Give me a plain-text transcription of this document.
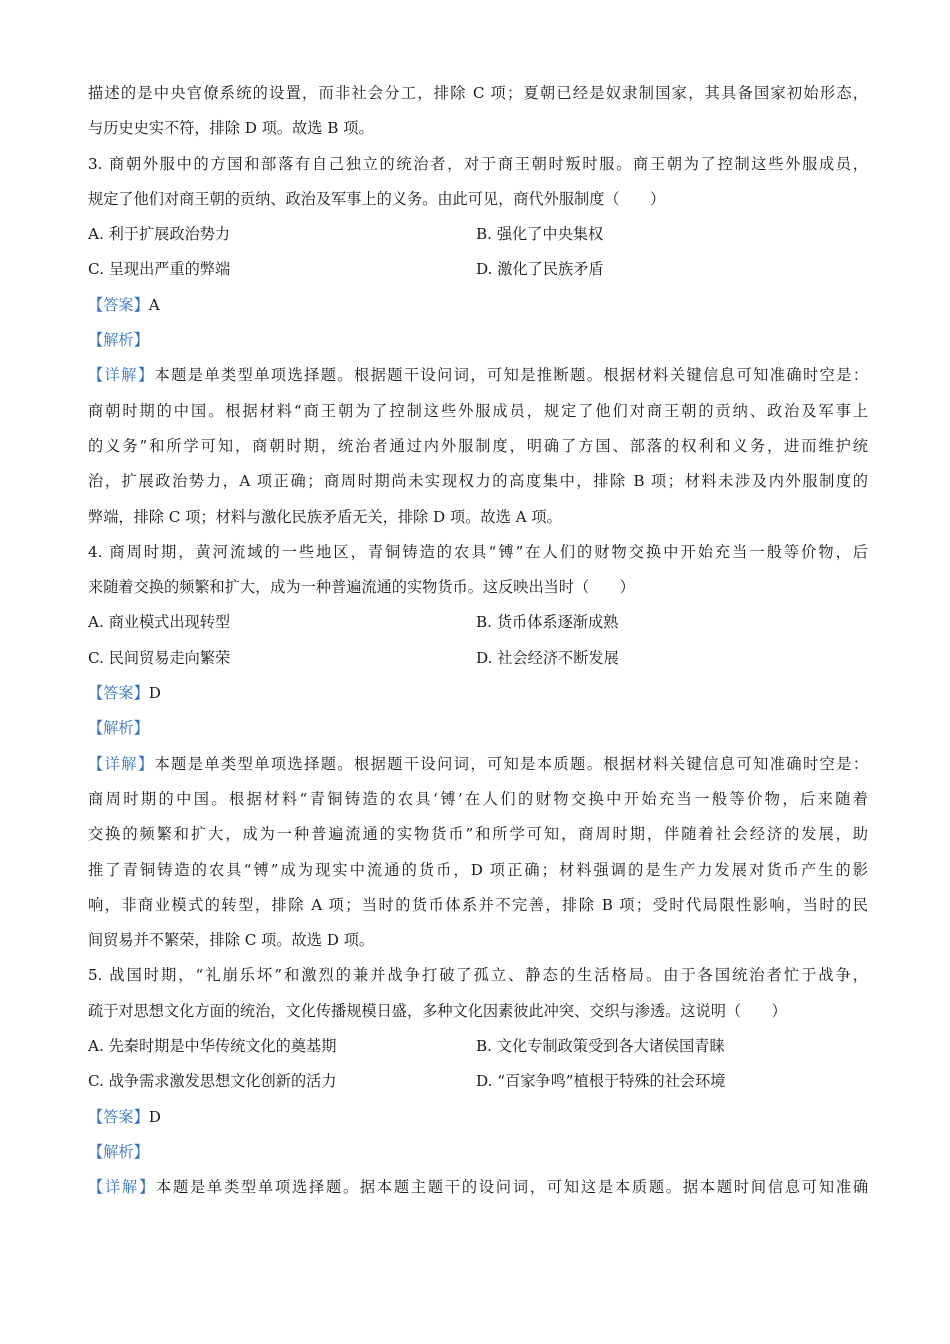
描述的是中央官僚系统的设置，而非社会分工，排除 C 项；夏朝已经是奴隶制国家，其具备国家初始形态，
与历史史实不符，排除 D 项。故选 B 项。
3. 商朝外服中的方国和部落有自己独立的统治者，对于商王朝时叛时服。商王朝为了控制这些外服成员，
规定了他们对商王朝的贡纳、政治及军事上的义务。由此可见，商代外服制度（　　）
A. 利于扩展政治势力	B. 强化了中央集权
C. 呈现出严重的弊端	D. 激化了民族矛盾
【答案】A
【解析】
【详解】本题是单类型单项选择题。根据题干设问词，可知是推断题。根据材料关键信息可知准确时空是：
商朝时期的中国。根据材料“商王朝为了控制这些外服成员，规定了他们对商王朝的贡纳、政治及军事上
的义务”和所学可知，商朝时期，统治者通过内外服制度，明确了方国、部落的权利和义务，进而维护统
治，扩展政治势力，A 项正确；商周时期尚未实现权力的高度集中，排除 B 项；材料未涉及内外服制度的
弊端，排除 C 项；材料与激化民族矛盾无关，排除 D 项。故选 A 项。
4. 商周时期，黄河流域的一些地区，青铜铸造的农具“镈”在人们的财物交换中开始充当一般等价物，后
来随着交换的频繁和扩大，成为一种普遍流通的实物货币。这反映出当时（　　）
A. 商业模式出现转型	B. 货币体系逐渐成熟
C. 民间贸易走向繁荣	D. 社会经济不断发展
【答案】D
【解析】
【详解】本题是单类型单项选择题。根据题干设问词，可知是本质题。根据材料关键信息可知准确时空是：
商周时期的中国。根据材料“青铜铸造的农具‘镈’在人们的财物交换中开始充当一般等价物，后来随着
交换的频繁和扩大，成为一种普遍流通的实物货币”和所学可知，商周时期，伴随着社会经济的发展，助
推了青铜铸造的农具“镈”成为现实中流通的货币，D 项正确；材料强调的是生产力发展对货币产生的影
响，非商业模式的转型，排除 A 项；当时的货币体系并不完善，排除 B 项；受时代局限性影响，当时的民
间贸易并不繁荣，排除 C 项。故选 D 项。
5. 战国时期，“礼崩乐坏”和激烈的兼并战争打破了孤立、静态的生活格局。由于各国统治者忙于战争，
疏于对思想文化方面的统治，文化传播规模日盛，多种文化因素彼此冲突、交织与渗透。这说明（　　）
A. 先秦时期是中华传统文化的奠基期	B. 文化专制政策受到各大诸侯国青睐
C. 战争需求激发思想文化创新的活力	D. “百家争鸣”植根于特殊的社会环境
【答案】D
【解析】
【详解】本题是单类型单项选择题。据本题主题干的设问词，可知这是本质题。据本题时间信息可知准确
